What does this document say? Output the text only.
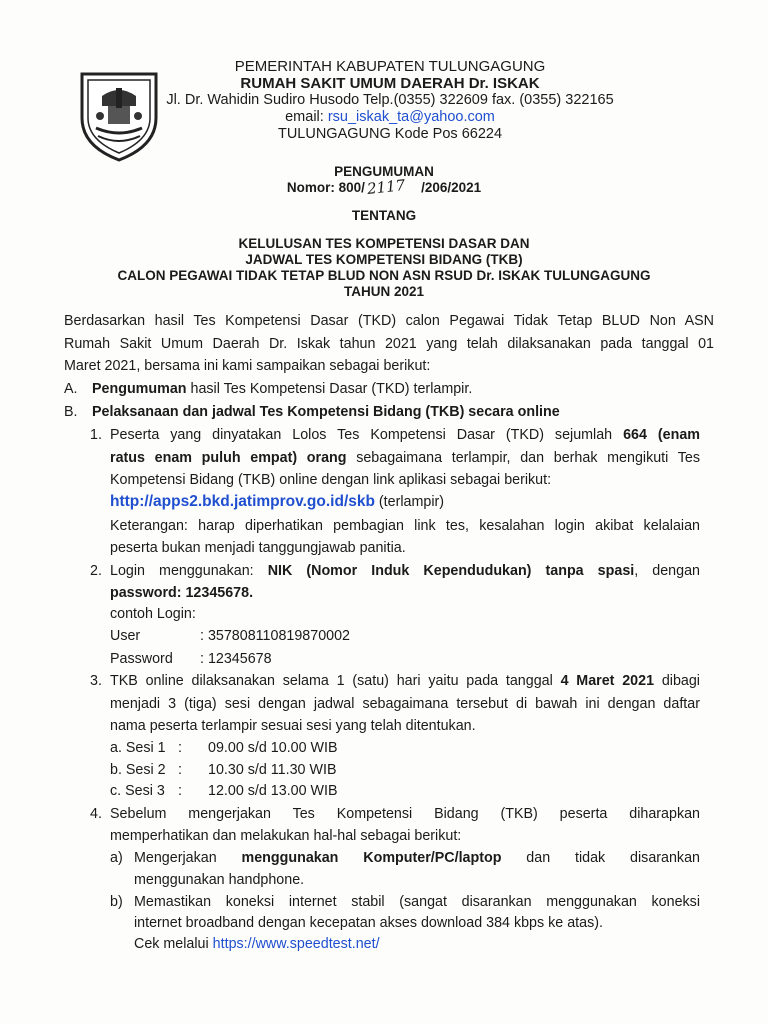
PEMERINTAH KABUPATEN TULUNGAGUNG
RUMAH SAKIT UMUM DAERAH Dr. ISKAK
Jl. Dr. Wahidin Sudiro Husodo Telp.(0355) 322609 fax. (0355) 322165
email: rsu_iskak_ta@yahoo.com
TULUNGAGUNG Kode Pos 66224
PENGUMUMAN
Nomor: 800/2117 /206/2021
TENTANG
KELULUSAN TES KOMPETENSI DASAR DAN
JADWAL TES KOMPETENSI BIDANG (TKB)
CALON PEGAWAI TIDAK TETAP BLUD NON ASN RSUD Dr. ISKAK TULUNGAGUNG
TAHUN 2021
Berdasarkan hasil Tes Kompetensi Dasar (TKD) calon Pegawai Tidak Tetap BLUD Non ASN
Rumah Sakit Umum Daerah Dr. Iskak tahun 2021 yang telah dilaksanakan pada tanggal 01
Maret 2021, bersama ini kami sampaikan sebagai berikut:
A. Pengumuman hasil Tes Kompetensi Dasar (TKD) terlampir.
B. Pelaksanaan dan jadwal Tes Kompetensi Bidang (TKB) secara online
1. Peserta yang dinyatakan Lolos Tes Kompetensi Dasar (TKD) sejumlah 664 (enam
ratus enam puluh empat) orang sebagaimana terlampir, dan berhak mengikuti Tes
Kompetensi Bidang (TKB) online dengan link aplikasi sebagai berikut:
http://apps2.bkd.jatimprov.go.id/skb (terlampir)
Keterangan: harap diperhatikan pembagian link tes, kesalahan login akibat kelalaian
peserta bukan menjadi tanggungjawab panitia.
2. Login menggunakan: NIK (Nomor Induk Kependudukan) tanpa spasi, dengan
password: 12345678.
contoh Login:
User	: 357808110819870002
Password : 12345678
3. TKB online dilaksanakan selama 1 (satu) hari yaitu pada tanggal 4 Maret 2021 dibagi
menjadi 3 (tiga) sesi dengan jadwal sebagaimana tersebut di bawah ini dengan daftar
nama peserta terlampir sesuai sesi yang telah ditentukan.
a. Sesi 1 : 09.00 s/d 10.00 WIB
b. Sesi 2 : 10.30 s/d 11.30 WIB
c. Sesi 3 : 12.00 s/d 13.00 WIB
4. Sebelum mengerjakan Tes Kompetensi Bidang (TKB) peserta diharapkan
memperhatikan dan melakukan hal-hal sebagai berikut:
a) Mengerjakan menggunakan Komputer/PC/laptop dan tidak disarankan
menggunakan handphone.
b) Memastikan koneksi internet stabil (sangat disarankan menggunakan koneksi
internet broadband dengan kecepatan akses download 384 kbps ke atas).
Cek melalui https://www.speedtest.net/
